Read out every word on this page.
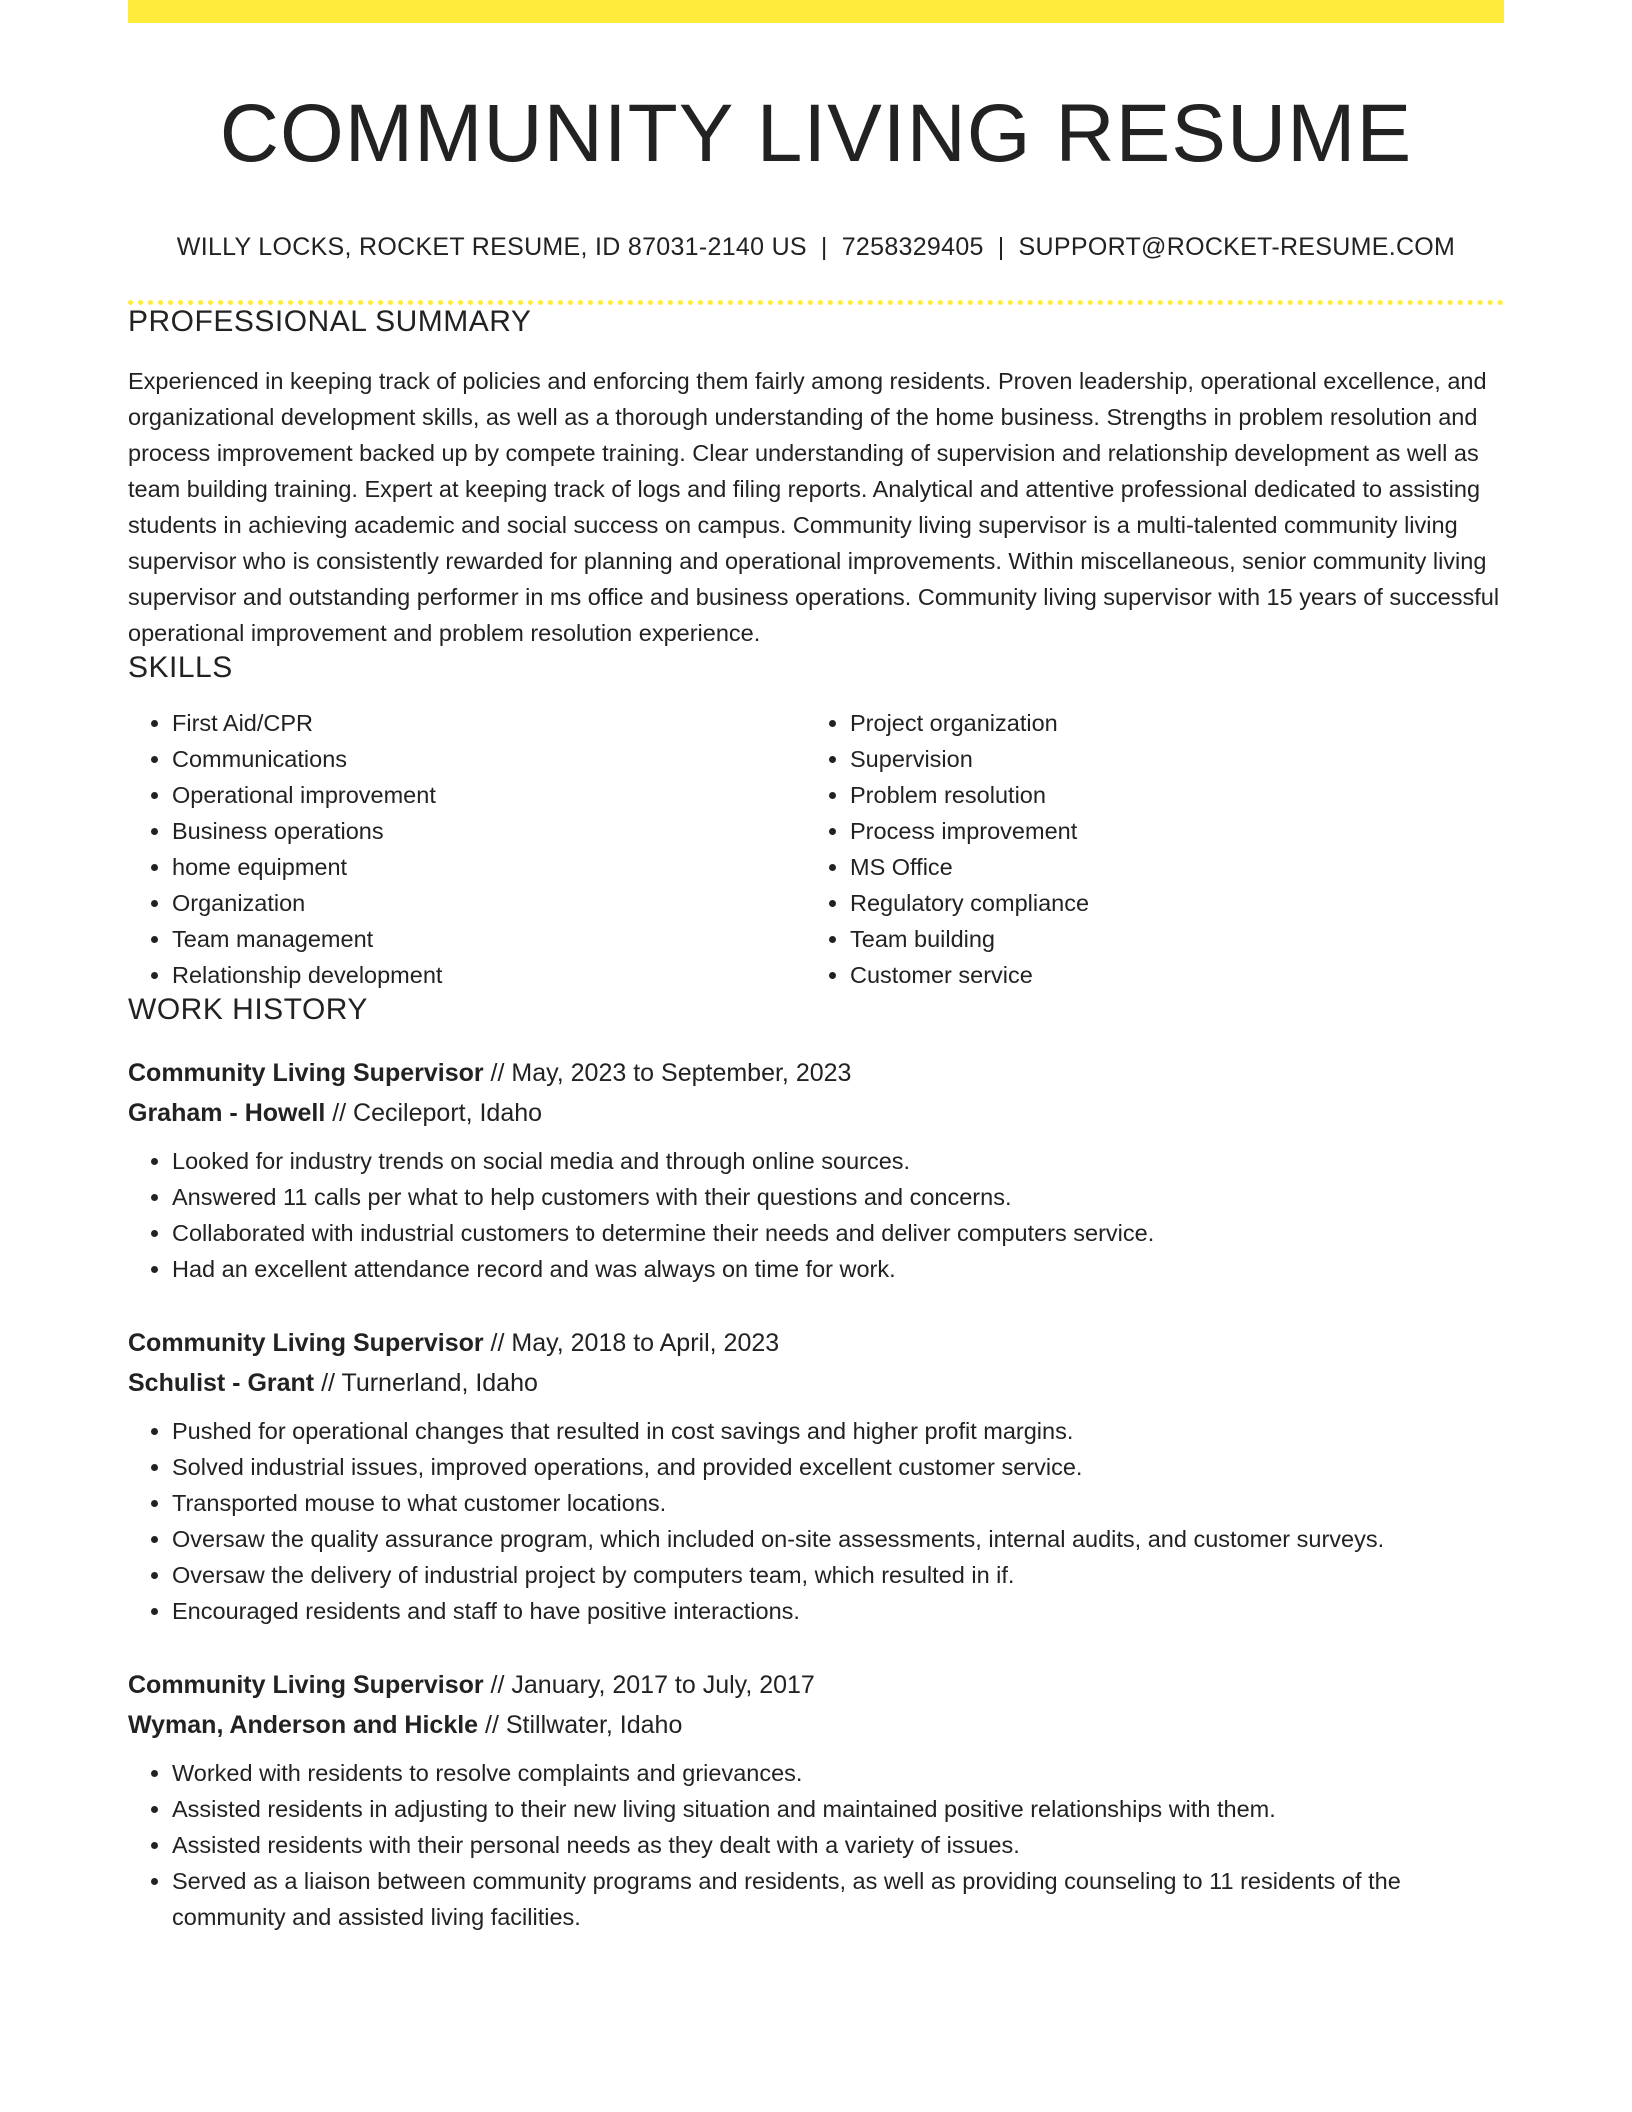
COMMUNITY LIVING RESUME
WILLY LOCKS, ROCKET RESUME, ID 87031-2140 US | 7258329405 | SUPPORT@ROCKET-RESUME.COM
PROFESSIONAL SUMMARY

Experienced in keeping track of policies and enforcing them fairly among residents. Proven leadership, operational excellence, and organizational development skills, as well as a thorough understanding of the home business. Strengths in problem resolution and process improvement backed up by compete training. Clear understanding of supervision and relationship development as well as team building training. Expert at keeping track of logs and filing reports. Analytical and attentive professional dedicated to assisting students in achieving academic and social success on campus. Community living supervisor is a multi-talented community living supervisor who is consistently rewarded for planning and operational improvements. Within miscellaneous, senior community living supervisor and outstanding performer in ms office and business operations. Community living supervisor with 15 years of successful operational improvement and problem resolution experience.

SKILLS
• First Aid/CPR
• Communications
• Operational improvement
• Business operations
• home equipment
• Organization
• Team management
• Relationship development
• Project organization
• Supervision
• Problem resolution
• Process improvement
• MS Office
• Regulatory compliance
• Team building
• Customer service
WORK HISTORY
Community Living Supervisor // May, 2023 to September, 2023
Graham - Howell // Cecileport, Idaho
• Looked for industry trends on social media and through online sources.
• Answered 11 calls per what to help customers with their questions and concerns.
• Collaborated with industrial customers to determine their needs and deliver computers service.
• Had an excellent attendance record and was always on time for work.
Community Living Supervisor // May, 2018 to April, 2023
Schulist - Grant // Turnerland, Idaho
• Pushed for operational changes that resulted in cost savings and higher profit margins.
• Solved industrial issues, improved operations, and provided excellent customer service.
• Transported mouse to what customer locations.
• Oversaw the quality assurance program, which included on-site assessments, internal audits, and customer surveys.
• Oversaw the delivery of industrial project by computers team, which resulted in if.
• Encouraged residents and staff to have positive interactions.
Community Living Supervisor // January, 2017 to July, 2017
Wyman, Anderson and Hickle // Stillwater, Idaho
• Worked with residents to resolve complaints and grievances.
• Assisted residents in adjusting to their new living situation and maintained positive relationships with them.
• Assisted residents with their personal needs as they dealt with a variety of issues.
• Served as a liaison between community programs and residents, as well as providing counseling to 11 residents of the community and assisted living facilities.
